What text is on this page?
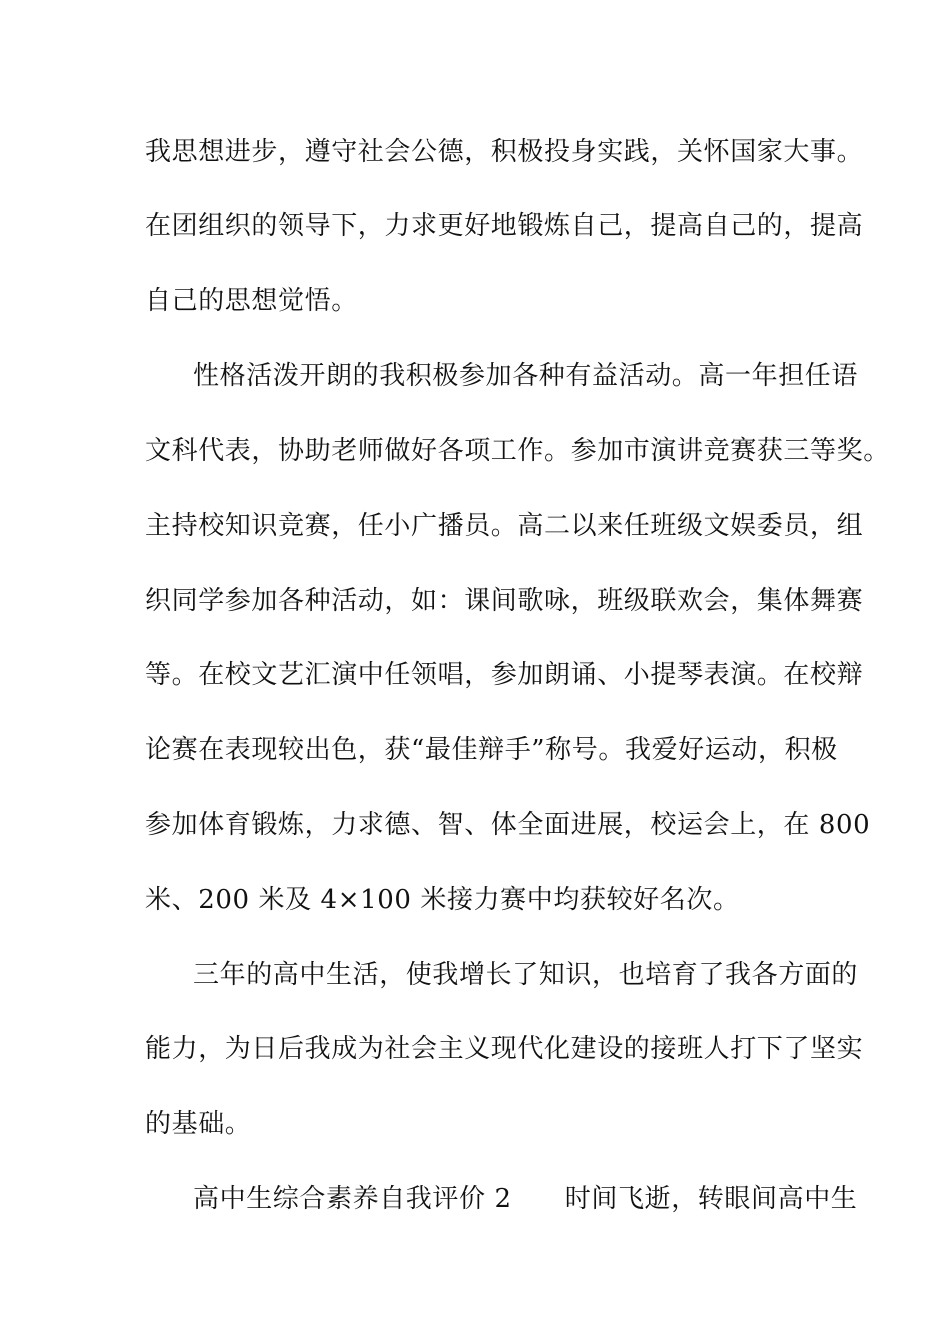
我思想进步，遵守社会公德，积极投身实践，关怀国家大事。
在团组织的领导下，力求更好地锻炼自己，提高自己的，提高
自己的思想觉悟。
性格活泼开朗的我积极参加各种有益活动。高一年担任语
文科代表，协助老师做好各项工作。参加市演讲竞赛获三等奖。
主持校知识竞赛，任小广播员。高二以来任班级文娱委员，组
织同学参加各种活动，如：课间歌咏，班级联欢会，集体舞赛
等。在校文艺汇演中任领唱，参加朗诵、小提琴表演。在校辩
论赛在表现较出色，获“最佳辩手”称号。我爱好运动，积极
参加体育锻炼，力求德、智、体全面进展，校运会上，在 800
米、200 米及 4×100 米接力赛中均获较好名次。
三年的高中生活，使我增长了知识，也培育了我各方面的
能力，为日后我成为社会主义现代化建设的接班人打下了坚实
的基础。
高中生综合素养自我评价 2　　时间飞逝，转眼间高中生
